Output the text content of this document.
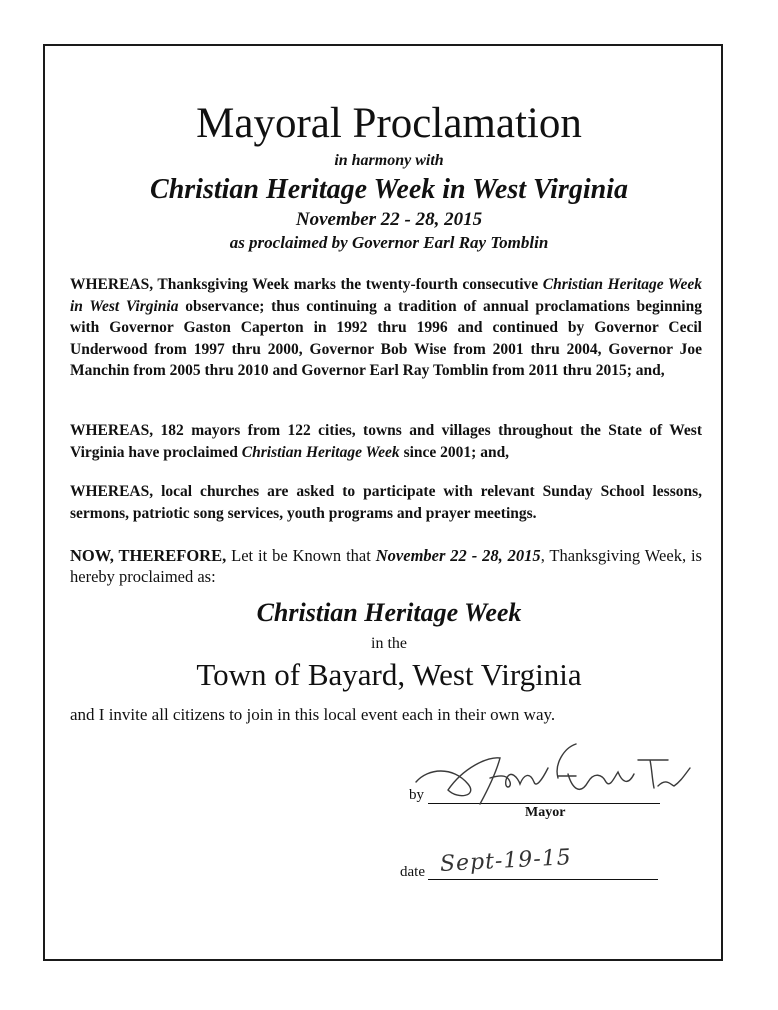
Mayoral Proclamation
in harmony with
Christian Heritage Week in West Virginia
November 22 - 28, 2015
as proclaimed by Governor Earl Ray Tomblin

WHEREAS, Thanksgiving Week marks the twenty-fourth consecutive Christian Heritage Week in West Virginia observance; thus continuing a tradition of annual proclamations beginning with Governor Gaston Caperton in 1992 thru 1996 and continued by Governor Cecil Underwood from 1997 thru 2000, Governor Bob Wise from 2001 thru 2004, Governor Joe Manchin from 2005 thru 2010 and Governor Earl Ray Tomblin from 2011 thru 2015; and,

WHEREAS, 182 mayors from 122 cities, towns and villages throughout the State of West Virginia have proclaimed Christian Heritage Week since 2001; and,

WHEREAS, local churches are asked to participate with relevant Sunday School lessons, sermons, patriotic song services, youth programs and prayer meetings.

NOW, THEREFORE, Let it be Known that November 22 - 28, 2015, Thanksgiving Week, is hereby proclaimed as:

Christian Heritage Week
in the
Town of Bayard, West Virginia
and I invite all citizens to join in this local event each in their own way.
by
Mayor
date Sept-19-15
